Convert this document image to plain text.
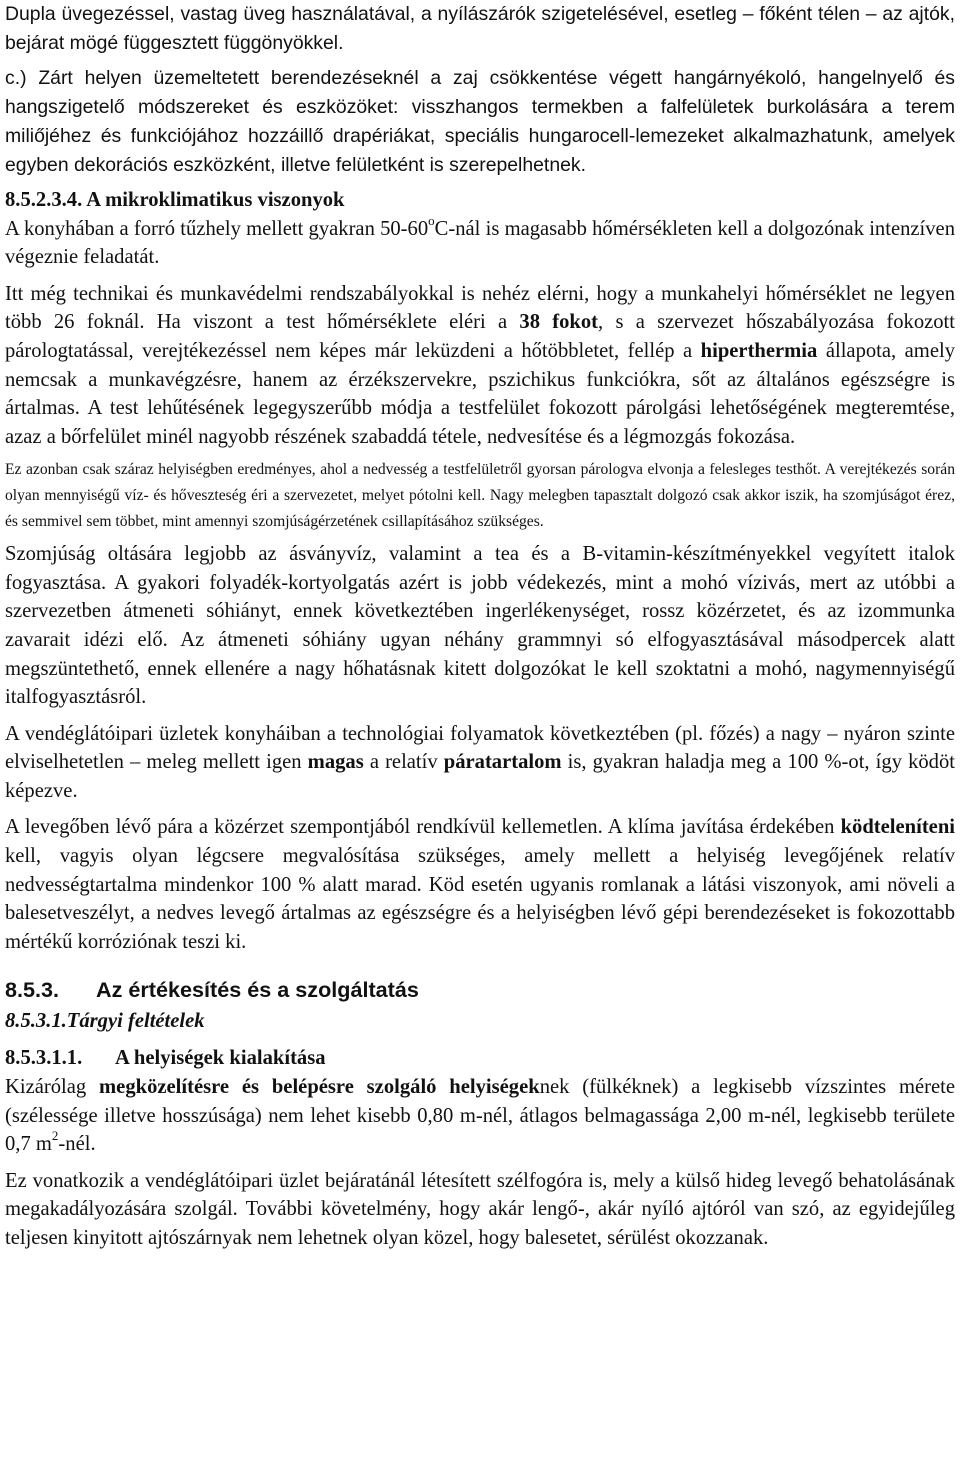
Dupla üvegezéssel, vastag üveg használatával, a nyílászárók szigetelésével, esetleg – főként télen – az ajtók, bejárat mögé függesztett függönyökkel.

c.) Zárt helyen üzemeltetett berendezéseknél a zaj csökkentése végett hangárnyékoló, hangelnyelő és hangszigetelő módszereket és eszközöket: visszhangos termekben a falfelületek burkolására a terem miliőjéhez és funkciójához hozzáillő drapériákat, speciális hungarocell-lemezeket alkalmazhatunk, amelyek egyben dekorációs eszközként, illetve felületként is szerepelhetnek.

8.5.2.3.4. A mikroklimatikus viszonyok

A konyhában a forró tűzhely mellett gyakran 50-60$^o$C-nál is magasabb hőmérsékleten kell a dolgozónak intenzíven végeznie feladatát.

Itt még technikai és munkavédelmi rendszabályokkal is nehéz elérni, hogy a munkahelyi hőmérséklet ne legyen több 26 foknál. Ha viszont a test hőmérséklete eléri a 38 fokot, s a szervezet hőszabályozása fokozott párologtatással, verejtékezéssel nem képes már leküzdeni a hőtöbbletet, fellép a hiperthermia állapota, amely nemcsak a munkavégzésre, hanem az érzékszervekre, pszichikus funkciókra, sőt az általános egészségre is ártalmas. A test lehűtésének legegyszerűbb módja a testfelület fokozott párolgási lehetőségének megteremtése, azaz a bőrfelület minél nagyobb részének szabaddá tétele, nedvesítése és a légmozgás fokozása.

Ez azonban csak száraz helyiségben eredményes, ahol a nedvesség a testfelületről gyorsan párologva elvonja a felesleges testhőt. A verejtékezés során olyan mennyiségű víz- és hőveszteség éri a szervezetet, melyet pótolni kell. Nagy melegben tapasztalt dolgozó csak akkor iszik, ha szomjúságot érez, és semmivel sem többet, mint amennyi szomjúságérzetének csillapításához szükséges.

Szomjúság oltására legjobb az ásványvíz, valamint a tea és a B-vitamin-készítményekkel vegyített italok fogyasztása. A gyakori folyadék-kortyolgatás azért is jobb védekezés, mint a mohó vízivás, mert az utóbbi a szervezetben átmeneti sóhiányt, ennek következtében ingerlékenységet, rossz közérzetet, és az izommunka zavarait idézi elő. Az átmeneti sóhiány ugyan néhány grammnyi só elfogyasztásával másodpercek alatt megszüntethető, ennek ellenére a nagy hőhatásnak kitett dolgozókat le kell szoktatni a mohó, nagymennyiségű italfogyasztásról.

A vendéglátóipari üzletek konyháiban a technológiai folyamatok következtében (pl. főzés) a nagy – nyáron szinte elviselhetetlen – meleg mellett igen magas a relatív páratartalom is, gyakran haladja meg a 100 %-ot, így ködöt képezve.

A levegőben lévő pára a közérzet szempontjából rendkívül kellemetlen. A klíma javítása érdekében ködteleníteni kell, vagyis olyan légcsere megvalósítása szükséges, amely mellett a helyiség levegőjének relatív nedvességtartalma mindenkor 100 % alatt marad. Köd esetén ugyanis romlanak a látási viszonyok, ami növeli a balesetveszélyt, a nedves levegő ártalmas az egészségre és a helyiségben lévő gépi berendezéseket is fokozottabb mértékű korróziónak teszi ki.

8.5.3. Az értékesítés és a szolgáltatás

8.5.3.1.Tárgyi feltételek

8.5.3.1.1. A helyiségek kialakítása

Kizárólag megközelítésre és belépésre szolgáló helyiségeknek (fülkéknek) a legkisebb vízszintes mérete (szélessége illetve hosszúsága) nem lehet kisebb 0,80 m-nél, átlagos belmagassága 2,00 m-nél, legkisebb területe 0,7 $m^2$-nél.

Ez vonatkozik a vendéglátóipari üzlet bejáratánál létesített szélfogóra is, mely a külső hideg levegő behatolásának megakadályozására szolgál. További követelmény, hogy akár lengő-, akár nyíló ajtóról van szó, az egyidejűleg teljesen kinyitott ajtószárnyak nem lehetnek olyan közel, hogy balesetet, sérülést okozzanak.
